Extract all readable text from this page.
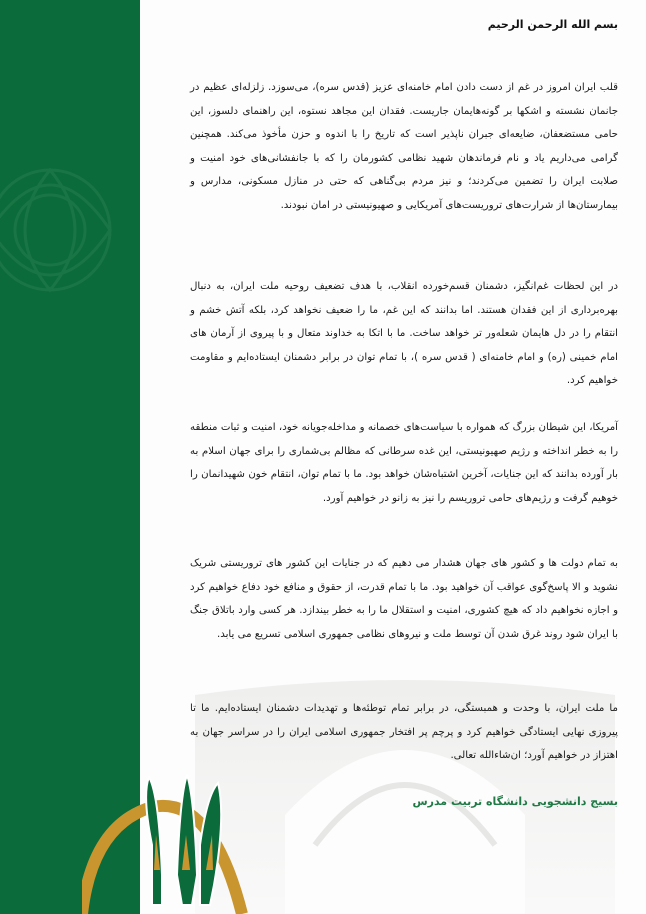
بسم الله الرحمن الرحیم

قلب ایران امروز در غم از دست دادن امام خامنه‌ای عزیز (قدس سره)، می‌سوزد. زلزله‌ای عظیم در جانمان نشسته و اشکها بر گونه‌هایمان جاریست. فقدان این مجاهد نستوه، این راهنمای دلسوز، این حامی مستضعفان، ضایعه‌ای جبران ناپذیر است که تاریخ را با اندوه و حزن مأخوذ می‌کند. همچنین گرامی می‌داریم یاد و نام فرماندهان شهید نظامی کشورمان را که با جانفشانی‌های خود امنیت و صلابت ایران را تضمین می‌کردند؛ و نیز مردم بی‌گناهی که حتی در منازل مسکونی، مدارس و بیمارستان‌ها از شرارت‌های تروریست‌های آمریکایی و صهیونیستی در امان نبودند.

در این لحظات غم‌انگیز، دشمنان قسم‌خورده انقلاب، با هدف تضعیف روحیه ملت ایران، به دنبال بهره‌برداری از این فقدان هستند. اما بدانند که این غم، ما را ضعیف نخواهد کرد، بلکه آتش خشم و انتقام را در دل هایمان شعله‌ور تر خواهد ساخت. ما با اتکا به خداوند متعال و با پیروی از آرمان های امام خمینی (ره) و امام خامنه‌ای ( قدس سره )، با تمام توان در برابر دشمنان ایستاده‌ایم و مقاومت خواهیم کرد.

آمریکا، این شیطان بزرگ که همواره با سیاست‌های خصمانه و مداخله‌جویانه خود، امنیت و ثبات منطقه را به خطر انداخته و رژیم صهیونیستی، این غده سرطانی که مظالم بی‌شماری را برای جهان اسلام به بار آورده بدانند که این جنایات، آخرین اشتباه‌شان خواهد بود. ما با تمام توان، انتقام خون شهیدانمان را خوهیم گرفت و رژیم‌های حامی تروریسم را نیز به زانو در خواهیم آورد.

به تمام دولت ها و کشور های جهان هشدار می دهیم که در جنایات این کشور های تروریستی شریک نشوید و الا پاسخ‌گوی عواقب آن خواهید بود. ما با تمام قدرت، از حقوق و منافع خود دفاع خواهیم کرد و اجازه نخواهیم داد که هیچ کشوری، امنیت و استقلال ما را به خطر بیندازد. هر کسی وارد باتلاق جنگ با ایران شود روند غرق شدن آن توسط ملت و نیروهای نظامی جمهوری اسلامی تسریع می یابد.

ما ملت ایران، با وحدت و همبستگی، در برابر تمام توطئه‌ها و تهدیدات دشمنان ایستاده‌ایم. ما تا پیروزی نهایی ایستادگی خواهیم کرد و پرچم پر افتخار جمهوری اسلامی ایران را در سراسر جهان به اهتزاز در خواهیم آورد؛ ان‌شاءالله تعالی.

بسیج دانشجویی دانشگاه تربیت مدرس
